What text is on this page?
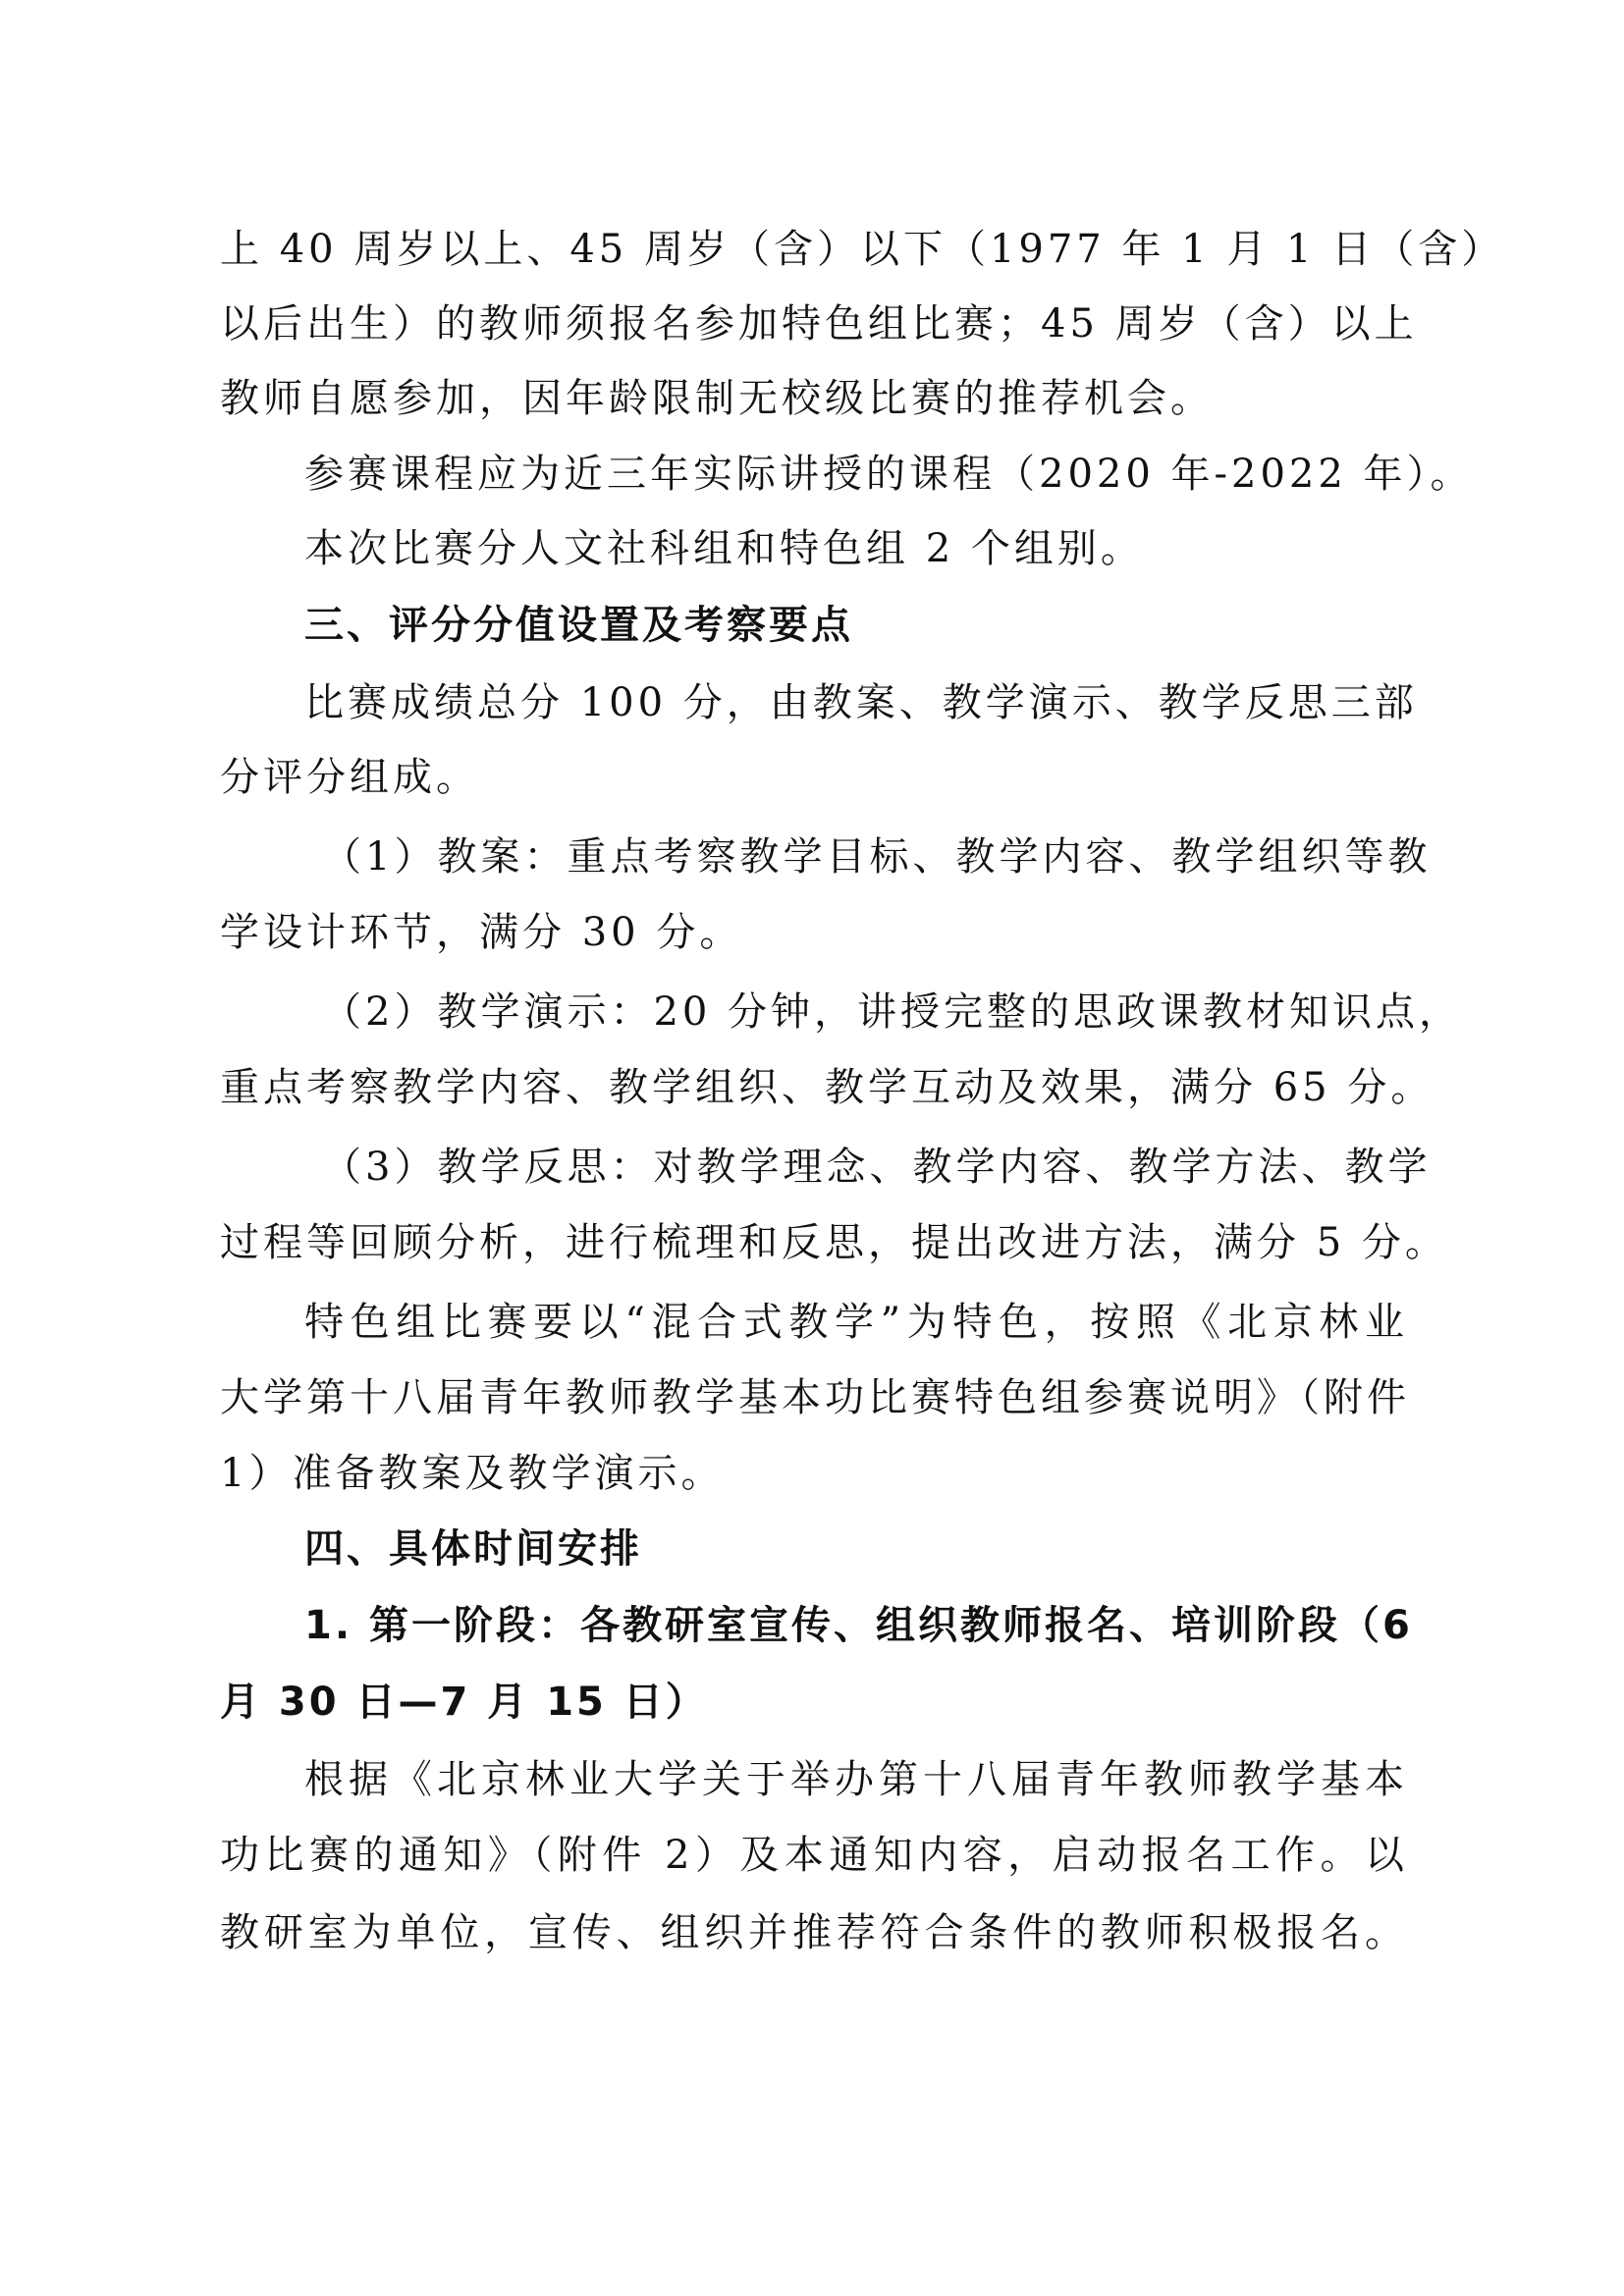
上 40 周岁以上、45 周岁（含）以下（1977 年 1 月 1 日（含）
以后出生）的教师须报名参加特色组比赛；45 周岁（含）以上
教师自愿参加，因年龄限制无校级比赛的推荐机会。
参赛课程应为近三年实际讲授的课程（2020 年-2022 年）。
本次比赛分人文社科组和特色组 2 个组别。
三、评分分值设置及考察要点
比赛成绩总分 100 分，由教案、教学演示、教学反思三部
分评分组成。
（1）教案：重点考察教学目标、教学内容、教学组织等教
学设计环节，满分 30 分。
（2）教学演示：20 分钟，讲授完整的思政课教材知识点，
重点考察教学内容、教学组织、教学互动及效果，满分 65 分。
（3）教学反思：对教学理念、教学内容、教学方法、教学
过程等回顾分析，进行梳理和反思，提出改进方法，满分 5 分。
特色组比赛要以“混合式教学”为特色，按照《北京林业
大学第十八届青年教师教学基本功比赛特色组参赛说明》（附件
1）准备教案及教学演示。
四、具体时间安排
1. 第一阶段：各教研室宣传、组织教师报名、培训阶段（6
月 30 日—7 月 15 日）
根据《北京林业大学关于举办第十八届青年教师教学基本
功比赛的通知》（附件 2）及本通知内容，启动报名工作。以
教研室为单位，宣传、组织并推荐符合条件的教师积极报名。
